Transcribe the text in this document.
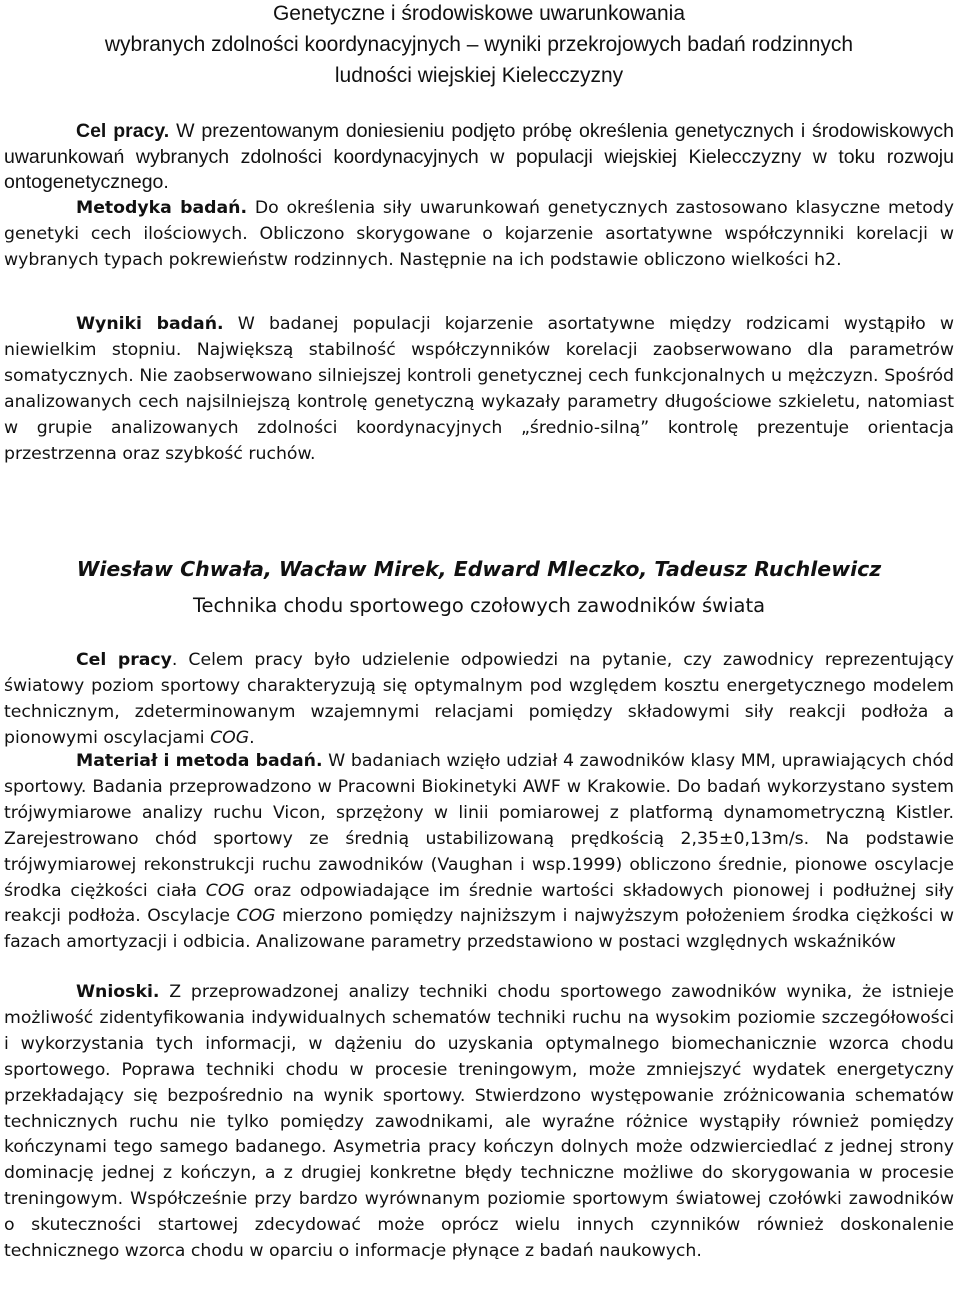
Genetyczne i środowiskowe uwarunkowania
wybranych zdolności koordynacyjnych – wyniki przekrojowych badań rodzinnych
ludności wiejskiej Kielecczyzny

Cel pracy. W prezentowanym doniesieniu podjęto próbę określenia genetycznych i środowiskowych uwarunkowań wybranych zdolności koordynacyjnych w populacji wiejskiej Kielecczyzny w toku rozwoju ontogenetycznego.

Metodyka badań. Do określenia siły uwarunkowań genetycznych zastosowano klasyczne metody genetyki cech ilościowych. Obliczono skorygowane o kojarzenie asortatywne współczynniki korelacji w wybranych typach pokrewieństw rodzinnych. Następnie na ich podstawie obliczono wielkości h2.

Wyniki badań. W badanej populacji kojarzenie asortatywne między rodzicami wystąpiło w niewielkim stopniu. Największą stabilność współczynników korelacji zaobserwowano dla parametrów somatycznych. Nie zaobserwowano silniejszej kontroli genetycznej cech funkcjonalnych u mężczyzn. Spośród analizowanych cech najsilniejszą kontrolę genetyczną wykazały parametry długościowe szkieletu, natomiast w grupie analizowanych zdolności koordynacyjnych „średnio-silną” kontrolę prezentuje orientacja przestrzenna oraz szybkość ruchów.

Wiesław Chwała, Wacław Mirek, Edward Mleczko, Tadeusz Ruchlewicz
Technika chodu sportowego czołowych zawodników świata

Cel pracy. Celem pracy było udzielenie odpowiedzi na pytanie, czy zawodnicy reprezentujący światowy poziom sportowy charakteryzują się optymalnym pod względem kosztu energetycznego modelem technicznym, zdeterminowanym wzajemnymi relacjami pomiędzy składowymi siły reakcji podłoża a pionowymi oscylacjami COG.

Materiał i metoda badań. W badaniach wzięło udział 4 zawodników klasy MM, uprawiających chód sportowy. Badania przeprowadzono w Pracowni Biokinetyki AWF w Krakowie. Do badań wykorzystano system trójwymiarowe analizy ruchu Vicon, sprzężony w linii pomiarowej z platformą dynamometryczną Kistler. Zarejestrowano chód sportowy ze średnią ustabilizowaną prędkością 2,35±0,13m/s. Na podstawie trójwymiarowej rekonstrukcji ruchu zawodników (Vaughan i wsp.1999) obliczono średnie, pionowe oscylacje środka ciężkości ciała COG oraz odpowiadające im średnie wartości składowych pionowej i podłużnej siły reakcji podłoża. Oscylacje COG mierzono pomiędzy najniższym i najwyższym położeniem środka ciężkości w fazach amortyzacji i odbicia. Analizowane parametry przedstawiono w postaci względnych wskaźników

Wnioski. Z przeprowadzonej analizy techniki chodu sportowego zawodników wynika, że istnieje możliwość zidentyfikowania indywidualnych schematów techniki ruchu na wysokim poziomie szczegółowości i wykorzystania tych informacji, w dążeniu do uzyskania optymalnego biomechanicznie wzorca chodu sportowego. Poprawa techniki chodu w procesie treningowym, może zmniejszyć wydatek energetyczny przekładający się bezpośrednio na wynik sportowy. Stwierdzono występowanie zróżnicowania schematów technicznych ruchu nie tylko pomiędzy zawodnikami, ale wyraźne różnice wystąpiły również pomiędzy kończynami tego samego badanego. Asymetria pracy kończyn dolnych może odzwierciedlać z jednej strony dominację jednej z kończyn, a z drugiej konkretne błędy techniczne możliwe do skorygowania w procesie treningowym. Współcześnie przy bardzo wyrównanym poziomie sportowym światowej czołówki zawodników o skuteczności startowej zdecydować może oprócz wielu innych czynników również doskonalenie technicznego wzorca chodu w oparciu o informacje płynące z badań naukowych.
